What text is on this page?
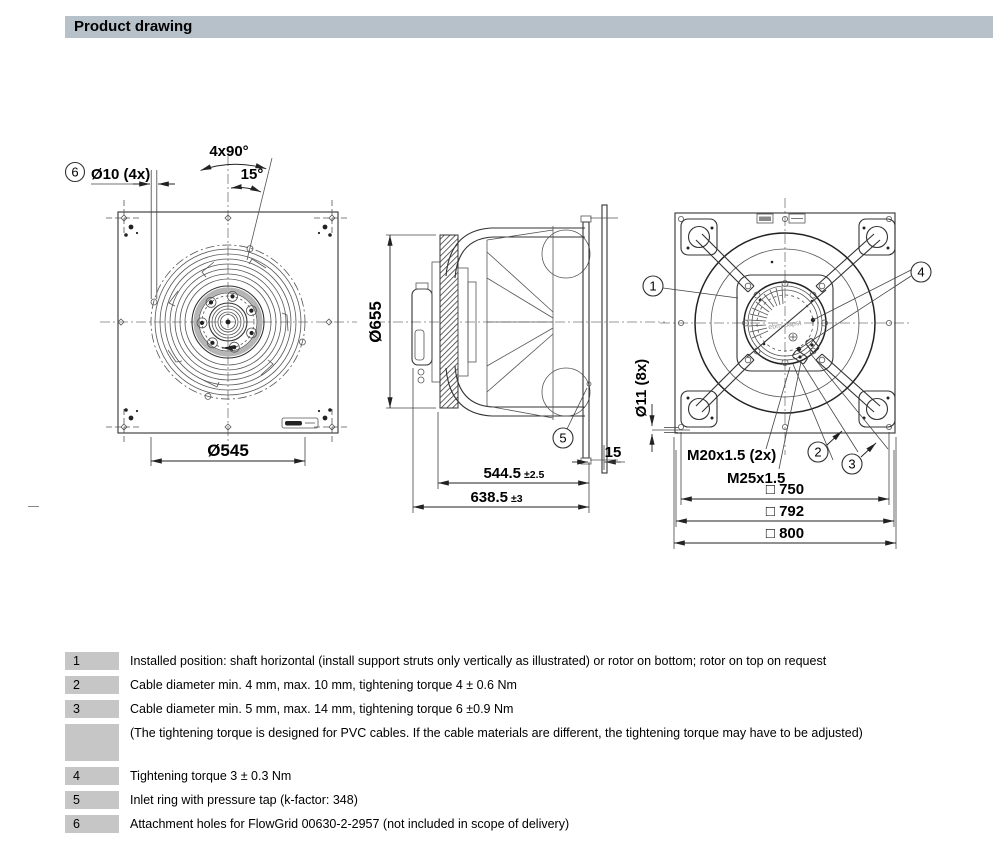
Product drawing
Ø545
6 Ø10 (4x)
4x90°
15°
Ø655
5
544.5 ±2.5
638.5 ±3
15
ebm-papst
1
4
M20x1.5 (2x)
M25x1.5
2
3
Ø11 (8x)
□ 750
□ 792
□ 800
1	Installed position: shaft horizontal (install support struts only vertically as illustrated) or rotor on bottom; rotor on top on request
2	Cable diameter min. 4 mm, max. 10 mm, tightening torque 4 ± 0.6 Nm
3	Cable diameter min. 5 mm, max. 14 mm, tightening torque 6 ±0.9 Nm
(The tightening torque is designed for PVC cables. If the cable materials are different, the tightening torque may have to be adjusted)
4	Tightening torque 3 ± 0.3 Nm
5	Inlet ring with pressure tap (k-factor: 348)
6	Attachment holes for FlowGrid 00630-2-2957 (not included in scope of delivery)
